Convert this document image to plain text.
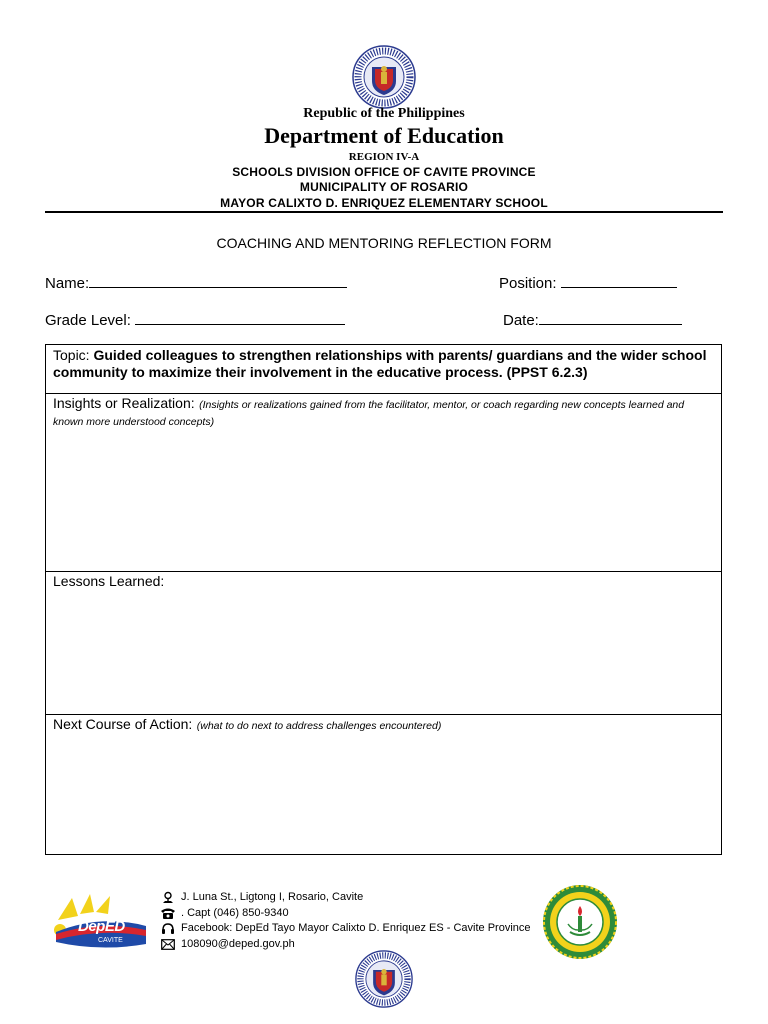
Republic of the Philippines
Department of Education
REGION IV-A
SCHOOLS DIVISION OFFICE OF CAVITE PROVINCE
MUNICIPALITY OF ROSARIO
MAYOR CALIXTO D. ENRIQUEZ ELEMENTARY SCHOOL
COACHING AND MENTORING REFLECTION FORM
Name:	Position:
Grade Level:	Date:
Topic: Guided colleagues to strengthen relationships with parents/ guardians and the wider school community to maximize their involvement in the educative process. (PPST 6.2.3)
Insights or Realization: (Insights or realizations gained from the facilitator, mentor, or coach regarding new concepts learned and known more understood concepts)
Lessons Learned:
Next Course of Action: (what to do next to address challenges encountered)
DepED
CAVITE
J. Luna St., Ligtong I, Rosario, Cavite
. Capt (046) 850-9340
Facebook: DepEd Tayo Mayor Calixto D. Enriquez ES - Cavite Province
108090@deped.gov.ph
